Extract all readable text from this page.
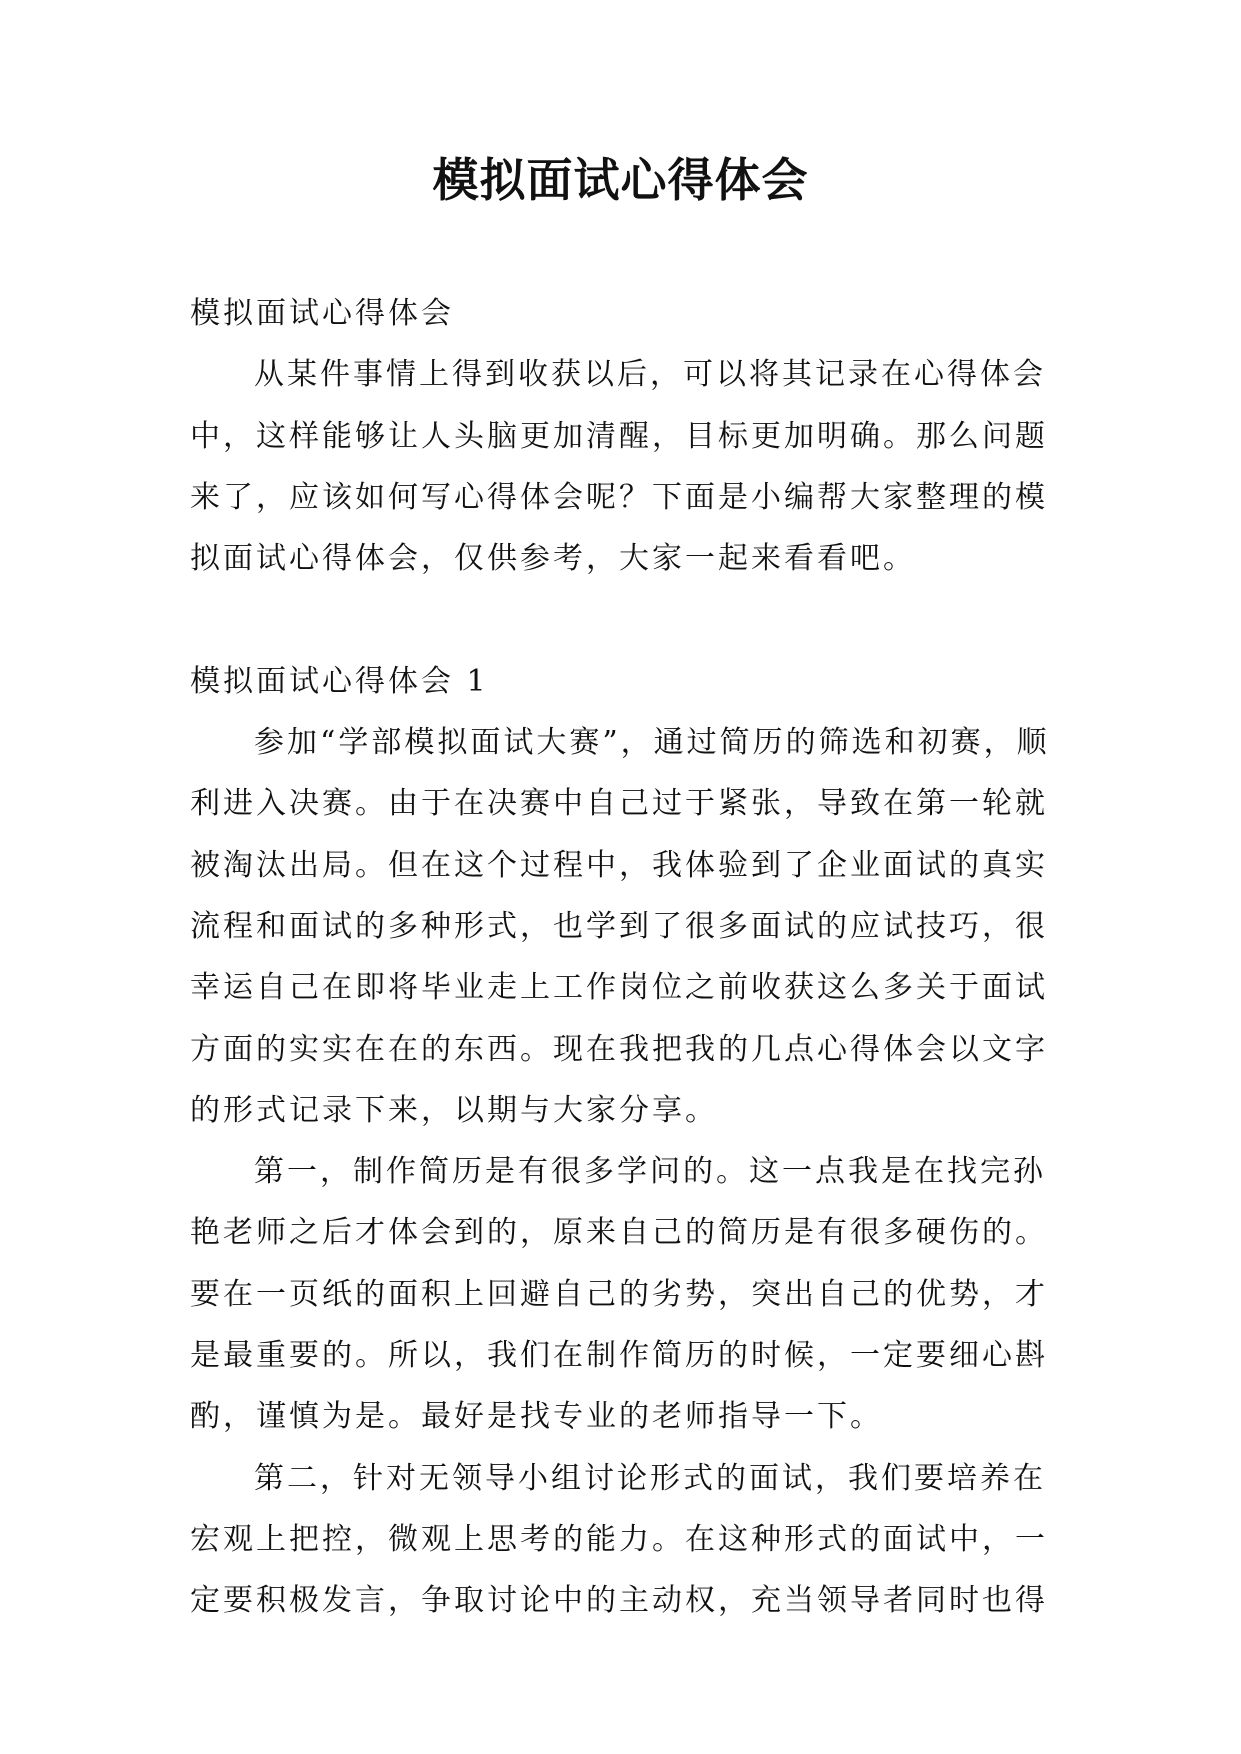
模拟面试心得体会

模拟面试心得体会

从某件事情上得到收获以后，可以将其记录在心得体会中，这样能够让人头脑更加清醒，目标更加明确。那么问题来了，应该如何写心得体会呢？下面是小编帮大家整理的模拟面试心得体会，仅供参考，大家一起来看看吧。

模拟面试心得体会 1

参加“学部模拟面试大赛”，通过简历的筛选和初赛，顺利进入决赛。由于在决赛中自己过于紧张，导致在第一轮就被淘汰出局。但在这个过程中，我体验到了企业面试的真实流程和面试的多种形式，也学到了很多面试的应试技巧，很幸运自己在即将毕业走上工作岗位之前收获这么多关于面试方面的实实在在的东西。现在我把我的几点心得体会以文字的形式记录下来，以期与大家分享。

第一，制作简历是有很多学问的。这一点我是在找完孙艳老师之后才体会到的，原来自己的简历是有很多硬伤的。要在一页纸的面积上回避自己的劣势，突出自己的优势，才是最重要的。所以，我们在制作简历的时候，一定要细心斟酌，谨慎为是。最好是找专业的老师指导一下。

第二，针对无领导小组讨论形式的面试，我们要培养在宏观上把控，微观上思考的能力。在这种形式的面试中，一定要积极发言，争取讨论中的主动权，充当领导者同时也得
